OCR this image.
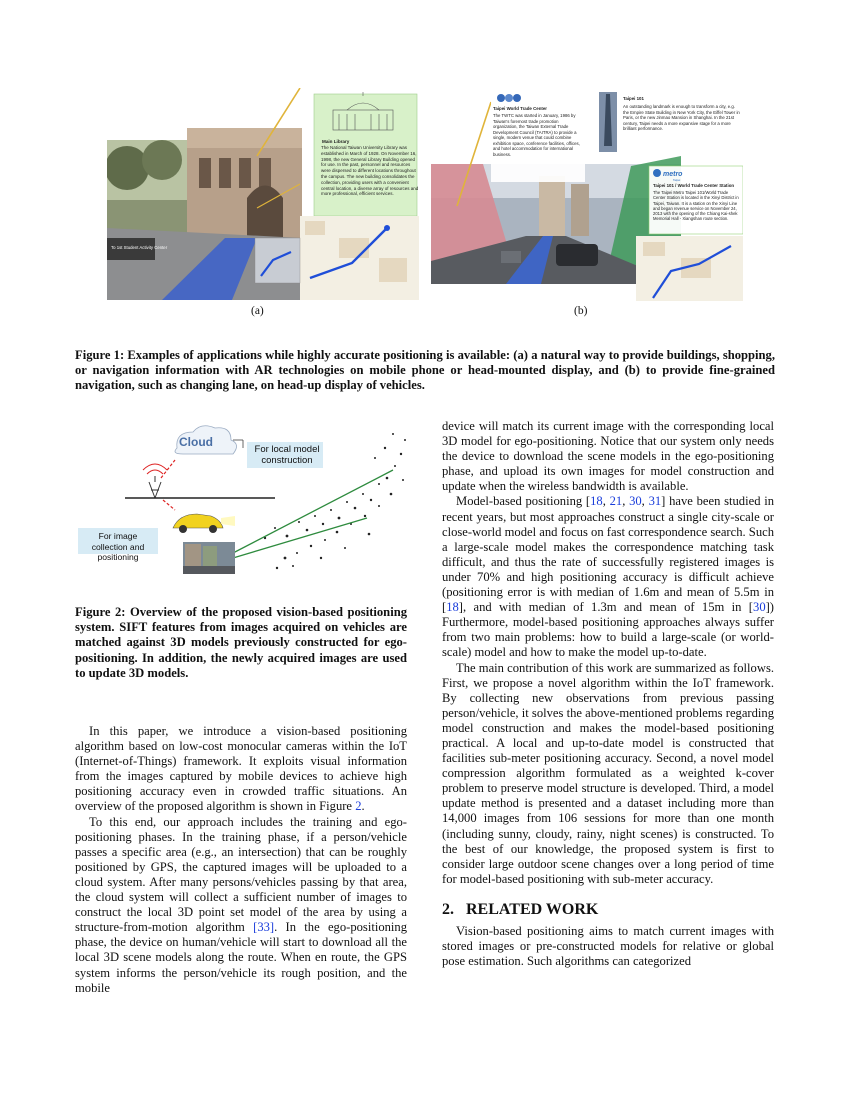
To 1st Student Activity Center
Main Library
The National Taiwan University Library was established in March of 1928. On November 16, 1998, the new General Library Building opened for use. In the past, personnel and resources were dispersed to different locations throughout the campus. The new building consolidates the collection, providing users with a convenient central location, a diverse array of resources and more professional, efficient services.
(a)
Taipei World Trade Center
Taipei 101
metro
Taipei
Taipei 101 / World Trade Center Station
The TWTC was started in January, 1986 by Taiwan's foremost trade promotion organization, the Taiwan External Trade Development Council (TAITRA) to provide a single, modern venue that could combine exhibition space, conference facilities, offices, and hotel accommodation for international business.
An outstanding landmark is enough to transform a city, e.g. the Empire State Building in New York City, the Eiffel Tower in Paris, or the new Jinmao Mansion in Shanghai. In the 21st century, Taipei needs a more expansive stage for a more brilliant performance.
The Taipei Metro Taipei 101/World Trade Center Station is located in the Xinyi District in Taipei, Taiwan. It is a station on the Xinyi Line and began revenue service on November 24, 2013 with the opening of the Chiang Kai-shek Memorial Hall - Xiangshan route section.
(b)

Figure 1: Examples of applications while highly accurate positioning is available: (a) a natural way to provide buildings, shopping, or navigation information with AR technologies on mobile phone or head-mounted display, and (b) to provide fine-grained navigation, such as changing lane, on head-up display of vehicles.

Cloud
For local model construction
For image collection and positioning

Figure 2: Overview of the proposed vision-based positioning system. SIFT features from images acquired on vehicles are matched against 3D models previously constructed for ego-positioning. In addition, the newly acquired images are used to update 3D models.

In this paper, we introduce a vision-based positioning algorithm based on low-cost monocular cameras within the IoT (Internet-of-Things) framework. It exploits visual information from the images captured by mobile devices to achieve high positioning accuracy even in crowded traffic situations. An overview of the proposed algorithm is shown in Figure 2.

To this end, our approach includes the training and ego-positioning phases. In the training phase, if a person/vehicle passes a specific area (e.g., an intersection) that can be roughly positioned by GPS, the captured images will be uploaded to a cloud system. After many persons/vehicles passing by that area, the cloud system will collect a sufficient number of images to construct the local 3D point set model of the area by using a structure-from-motion algorithm [33]. In the ego-positioning phase, the device on human/vehicle will start to download all the local 3D scene models along the route. When en route, the GPS system informs the person/vehicle its rough position, and the mobile

device will match its current image with the corresponding local 3D model for ego-positioning. Notice that our system only needs the device to download the scene models in the ego-positioning phase, and upload its own images for model construction and update when the wireless bandwidth is available.

Model-based positioning [18, 21, 30, 31] have been studied in recent years, but most approaches construct a single city-scale or close-world model and focus on fast correspondence search. Such a large-scale model makes the correspondence matching task difficult, and thus the rate of successfully registered images is under 70% and high positioning accuracy is difficult achieve (positioning error is with median of 1.6m and mean of 5.5m in [18], and with median of 1.3m and mean of 15m in [30]) Furthermore, model-based positioning approaches always suffer from two main problems: how to build a large-scale (or world-scale) model and how to make the model up-to-date.

The main contribution of this work are summarized as follows. First, we propose a novel algorithm within the IoT framework. By collecting new observations from previous passing person/vehicle, it solves the above-mentioned problems regarding model construction and makes the model-based positioning practical. A local and up-to-date model is constructed that facilities sub-meter positioning accuracy. Second, a novel model compression algorithm formulated as a weighted k-cover problem to preserve model structure is developed. Third, a model update method is presented and a dataset including more than 14,000 images from 106 sessions for more than one month (including sunny, cloudy, rainy, night scenes) is constructed. To the best of our knowledge, the proposed system is first to consider large outdoor scene changes over a long period of time for model-based positioning with sub-meter accuracy.

2.   RELATED WORK

Vision-based positioning aims to match current images with stored images or pre-constructed models for relative or global pose estimation. Such algorithms can categorized
